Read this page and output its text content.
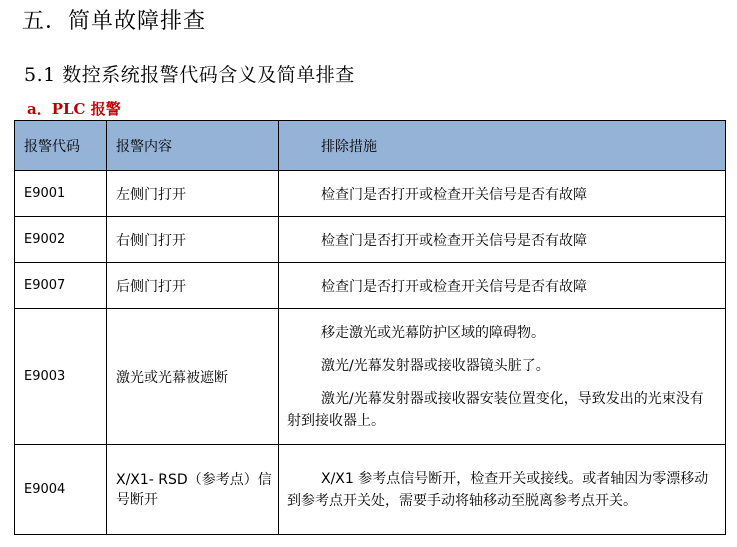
五．简单故障排查
5.1 数控系统报警代码含义及简单排查
a．PLC 报警
报警代码	报警内容	排除措施
E9001	左侧门打开	检查门是否打开或检查开关信号是否有故障
E9002	右侧门打开	检查门是否打开或检查开关信号是否有故障
E9007	后侧门打开	检查门是否打开或检查开关信号是否有故障
E9003	激光或光幕被遮断	移走激光或光幕防护区域的障碍物。

激光/光幕发射器或接收器镜头脏了。

激光/光幕发射器或接收器安装位置变化，导致发出的光束没有射到接收器上。

E9004	X/X1- RSD（参考点）信号断开	X/X1 参考点信号断开，检查开关或接线。或者轴因为零漂移动到参考点开关处，需要手动将轴移动至脱离参考点开关。
